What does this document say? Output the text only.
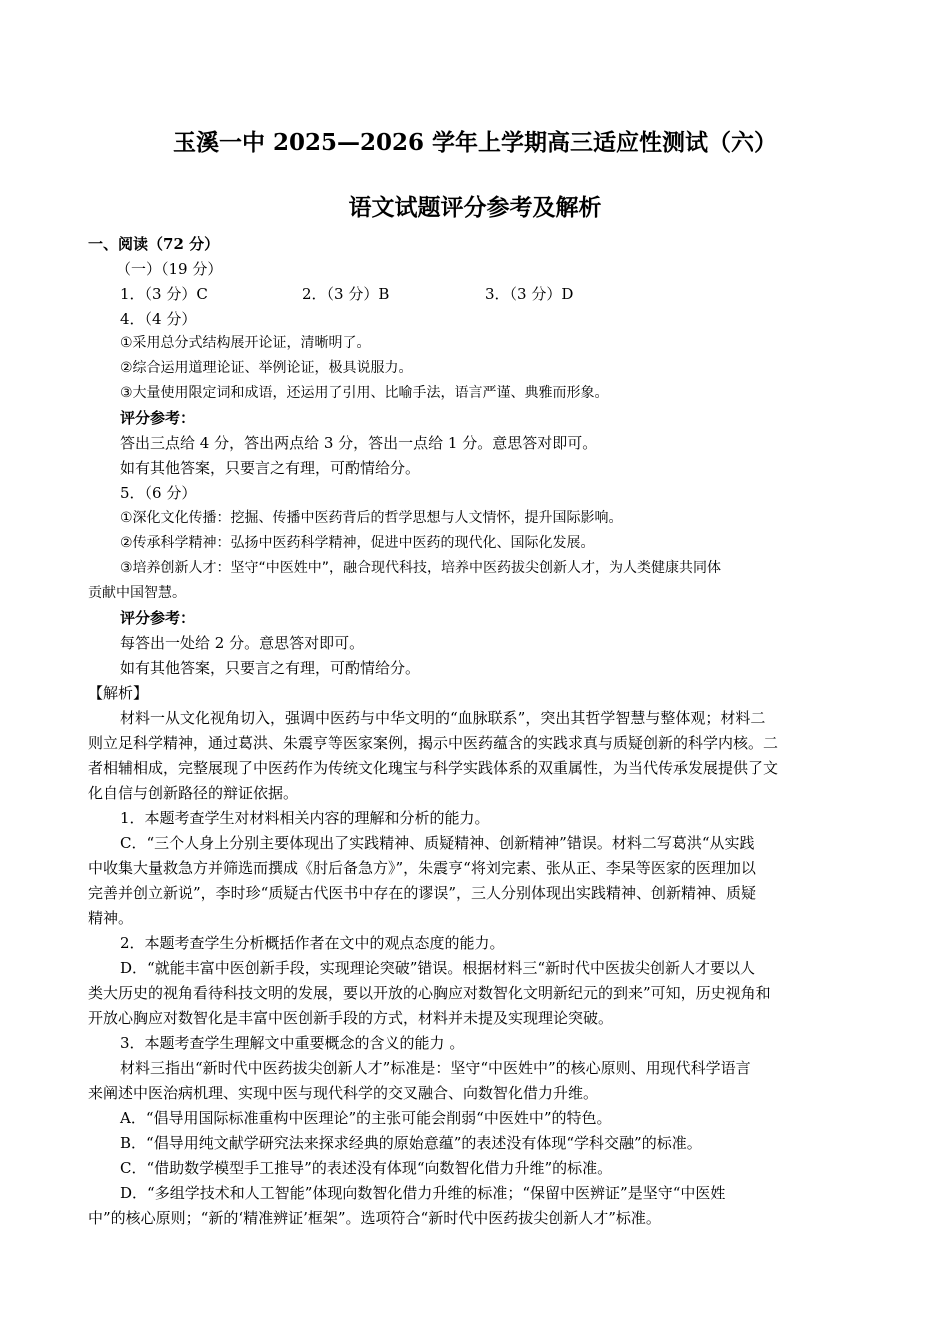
玉溪一中 2025—2026 学年上学期高三适应性测试（六）
语文试题评分参考及解析
一、阅读（72 分）
（一）（19 分）
1．（3 分）C	2．（3 分）B	3．（3 分）D
4．（4 分）
①采用总分式结构展开论证，清晰明了。
②综合运用道理论证、举例论证，极具说服力。
③大量使用限定词和成语，还运用了引用、比喻手法，语言严谨、典雅而形象。
评分参考：
答出三点给 4 分，答出两点给 3 分，答出一点给 1 分。意思答对即可。
如有其他答案，只要言之有理，可酌情给分。
5．（6 分）
①深化文化传播：挖掘、传播中医药背后的哲学思想与人文情怀，提升国际影响。
②传承科学精神：弘扬中医药科学精神，促进中医药的现代化、国际化发展。
③培养创新人才：坚守“中医姓中”，融合现代科技，培养中医药拔尖创新人才，为人类健康共同体
贡献中国智慧。
评分参考：
每答出一处给 2 分。意思答对即可。
如有其他答案，只要言之有理，可酌情给分。
【解析】
材料一从文化视角切入，强调中医药与中华文明的“血脉联系”，突出其哲学智慧与整体观；材料二
则立足科学精神，通过葛洪、朱震亨等医家案例，揭示中医药蕴含的实践求真与质疑创新的科学内核。二
者相辅相成，完整展现了中医药作为传统文化瑰宝与科学实践体系的双重属性，为当代传承发展提供了文
化自信与创新路径的辩证依据。
1．本题考查学生对材料相关内容的理解和分析的能力。
C．“三个人身上分别主要体现出了实践精神、质疑精神、创新精神”错误。材料二写葛洪“从实践
中收集大量救急方并筛选而撰成《肘后备急方》”，朱震亨“将刘完素、张从正、李杲等医家的医理加以
完善并创立新说”，李时珍“质疑古代医书中存在的谬误”，三人分别体现出实践精神、创新精神、质疑
精神。
2．本题考查学生分析概括作者在文中的观点态度的能力。
D．“就能丰富中医创新手段，实现理论突破”错误。根据材料三“新时代中医拔尖创新人才要以人
类大历史的视角看待科技文明的发展，要以开放的心胸应对数智化文明新纪元的到来”可知，历史视角和
开放心胸应对数智化是丰富中医创新手段的方式，材料并未提及实现理论突破。
3．本题考查学生理解文中重要概念的含义的能力 。
材料三指出“新时代中医药拔尖创新人才”标准是：坚守“中医姓中”的核心原则、用现代科学语言
来阐述中医治病机理、实现中医与现代科学的交叉融合、向数智化借力升维。
A．“倡导用国际标准重构中医理论”的主张可能会削弱“中医姓中”的特色。
B．“倡导用纯文献学研究法来探求经典的原始意蕴”的表述没有体现“学科交融”的标准。
C．“借助数学模型手工推导”的表述没有体现“向数智化借力升维”的标准。
D．“多组学技术和人工智能”体现向数智化借力升维的标准；“保留中医辨证”是坚守“中医姓
中”的核心原则；“新的‘精准辨证’框架”。选项符合“新时代中医药拔尖创新人才”标准。
